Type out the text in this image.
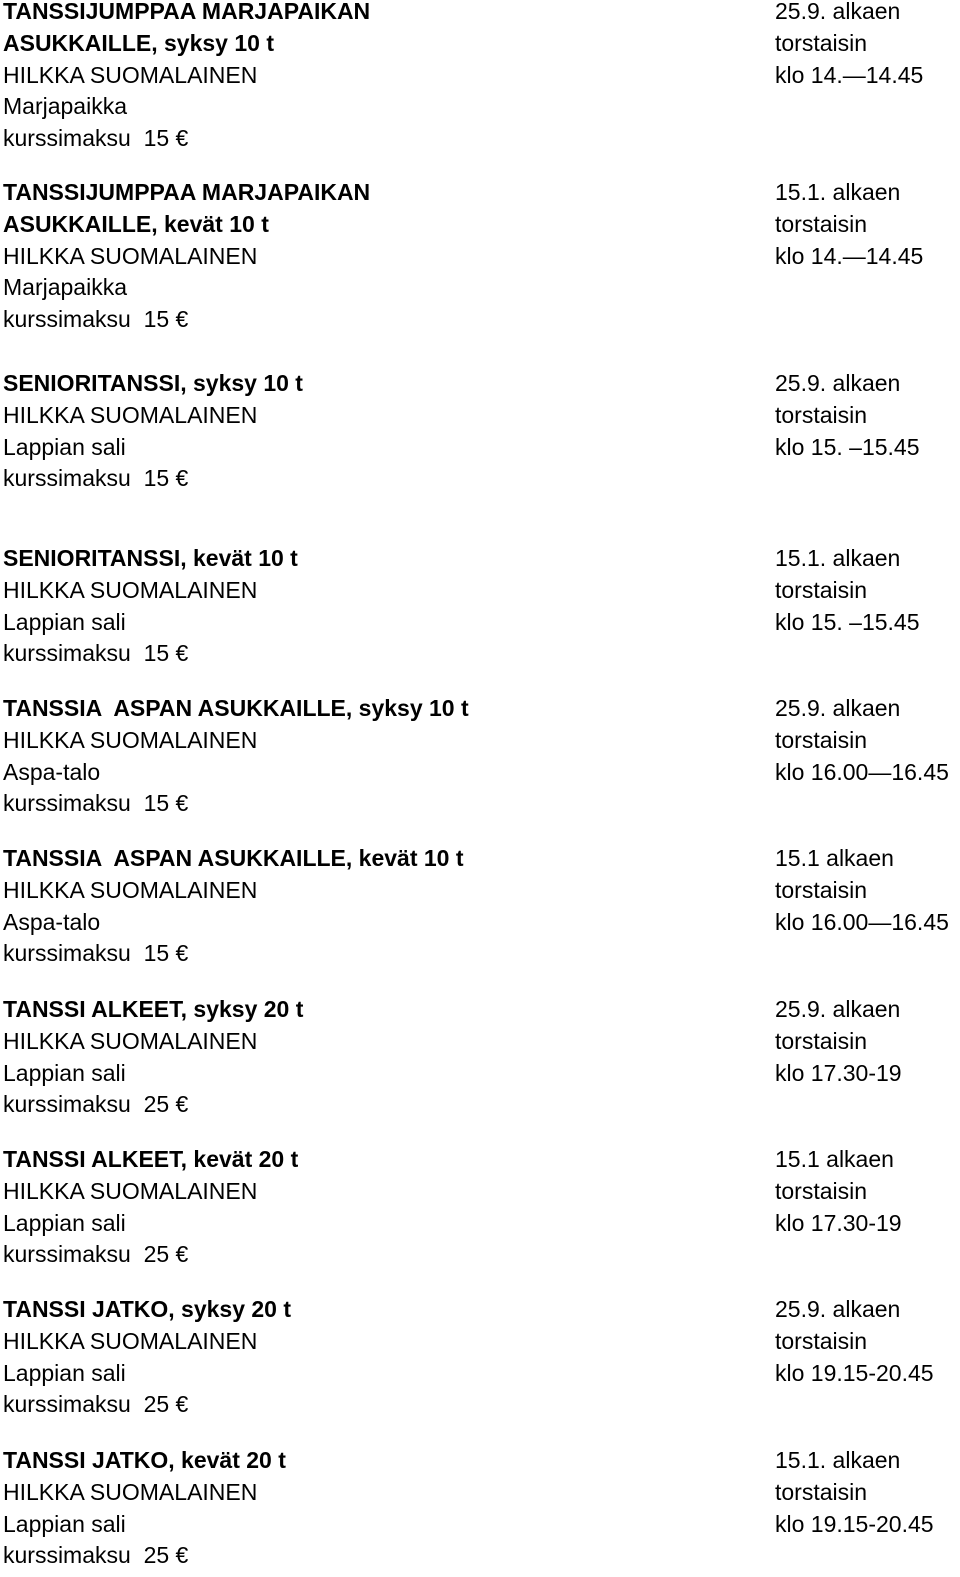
TANSSIJUMPPAA MARJAPAIKAN
ASUKKAILLE, syksy 10 t
HILKKA SUOMALAINEN
Marjapaikka
kurssimaksu  15 €
25.9. alkaen
torstaisin
klo 14.—14.45
TANSSIJUMPPAA MARJAPAIKAN
ASUKKAILLE, kevät 10 t
HILKKA SUOMALAINEN
Marjapaikka
kurssimaksu  15 €
15.1. alkaen
torstaisin
klo 14.—14.45
SENIORITANSSI, syksy 10 t
HILKKA SUOMALAINEN
Lappian sali
kurssimaksu  15 €
25.9. alkaen
torstaisin
klo 15. –15.45
SENIORITANSSI, kevät 10 t
HILKKA SUOMALAINEN
Lappian sali
kurssimaksu  15 €
15.1. alkaen
torstaisin
klo 15. –15.45
TANSSIA  ASPAN ASUKKAILLE, syksy 10 t
HILKKA SUOMALAINEN
Aspa-talo
kurssimaksu  15 €
25.9. alkaen
torstaisin
klo 16.00—16.45
TANSSIA  ASPAN ASUKKAILLE, kevät 10 t
HILKKA SUOMALAINEN
Aspa-talo
kurssimaksu  15 €
15.1 alkaen
torstaisin
klo 16.00—16.45
TANSSI ALKEET, syksy 20 t
HILKKA SUOMALAINEN
Lappian sali
kurssimaksu  25 €
25.9. alkaen
torstaisin
klo 17.30-19
TANSSI ALKEET, kevät 20 t
HILKKA SUOMALAINEN
Lappian sali
kurssimaksu  25 €
15.1 alkaen
torstaisin
klo 17.30-19
TANSSI JATKO, syksy 20 t
HILKKA SUOMALAINEN
Lappian sali
kurssimaksu  25 €
25.9. alkaen
torstaisin
klo 19.15-20.45
TANSSI JATKO, kevät 20 t
HILKKA SUOMALAINEN
Lappian sali
kurssimaksu  25 €
15.1. alkaen
torstaisin
klo 19.15-20.45
